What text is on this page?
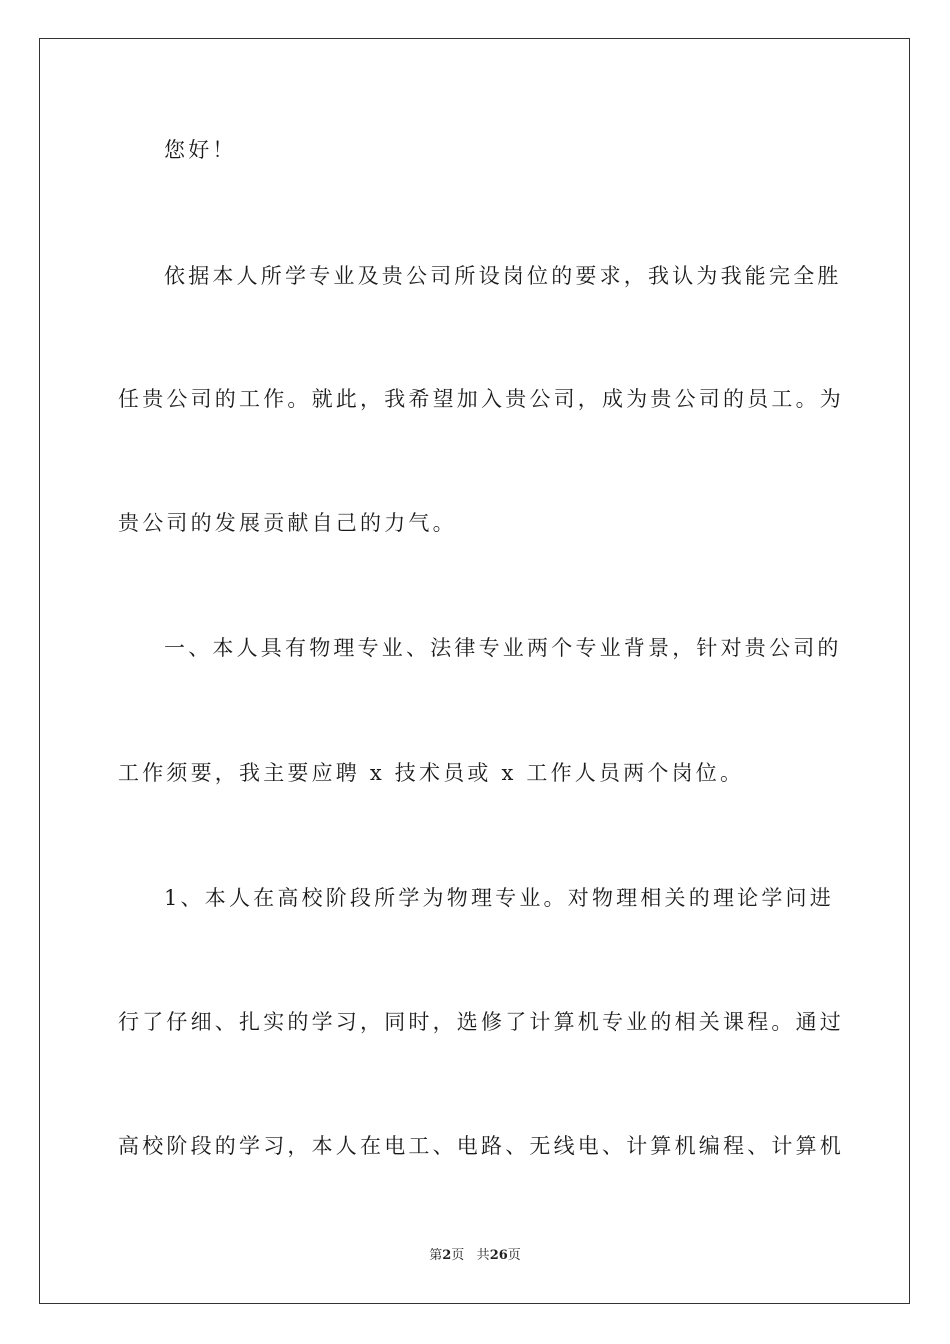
您好！
依据本人所学专业及贵公司所设岗位的要求，我认为我能完全胜
任贵公司的工作。就此，我希望加入贵公司，成为贵公司的员工。为
贵公司的发展贡献自己的力气。
一、本人具有物理专业、法律专业两个专业背景，针对贵公司的
工作须要，我主要应聘 x 技术员或 x 工作人员两个岗位。
1、本人在高校阶段所学为物理专业。对物理相关的理论学问进
行了仔细、扎实的学习，同时，选修了计算机专业的相关课程。通过
高校阶段的学习，本人在电工、电路、无线电、计算机编程、计算机
第2页 共26页
